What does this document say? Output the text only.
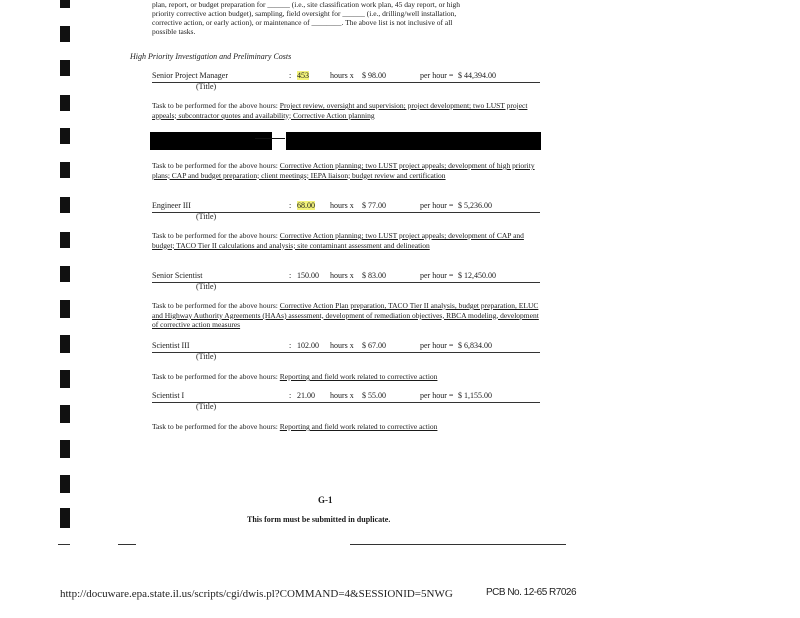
plan, report, or budget preparation for ______ (i.e., site classification work plan, 45 day report, or high
priority corrective action budget), sampling, field oversight for ______ (i.e., drilling/well installation,
corrective action, or early action), or maintenance of ________. The above list is not inclusive of all
possible tasks.
High Priority Investigation and Preliminary Costs
Senior Project Manager	: 453	hours x $ 98.00	per hour = $ 44,394.00
(Title)
Task to be performed for the above hours: Project review, oversight and supervision; project development; two LUST project appeals; subcontractor quotes and availability; Corrective Action planning
Task to be performed for the above hours: Corrective Action planning; two LUST project appeals; development of high priority plans; CAP and budget preparation; client meetings; IEPA liaison; budget review and certification
Engineer III	: 68.00 hours x $ 77.00	per hour = $ 5,236.00
(Title)
Task to be performed for the above hours: Corrective Action planning; two LUST project appeals; development of CAP and budget; TACO Tier II calculations and analysis; site contaminant assessment and delineation
Senior Scientist	: 150.00 hours x $ 83.00	per hour = $ 12,450.00
(Title)
Task to be performed for the above hours: Corrective Action Plan preparation, TACO Tier II analysis, budget preparation, ELUC and Highway Authority Agreements (HAAs) assessment, development of remediation objectives, RBCA modeling, development of corrective action measures
Scientist III	: 102.00 hours x $ 67.00	per hour = $ 6,834.00
(Title)
Task to be performed for the above hours: Reporting and field work related to corrective action
Scientist I	: 21.00 hours x $ 55.00	per hour = $ 1,155.00
(Title)
Task to be performed for the above hours: Reporting and field work related to corrective action
G-1
This form must be submitted in duplicate.
http://docuware.epa.state.il.us/scripts/cgi/dwis.pl?COMMAND=4&SESSIONID=5NWG	PCB No. 12-65 R7026
